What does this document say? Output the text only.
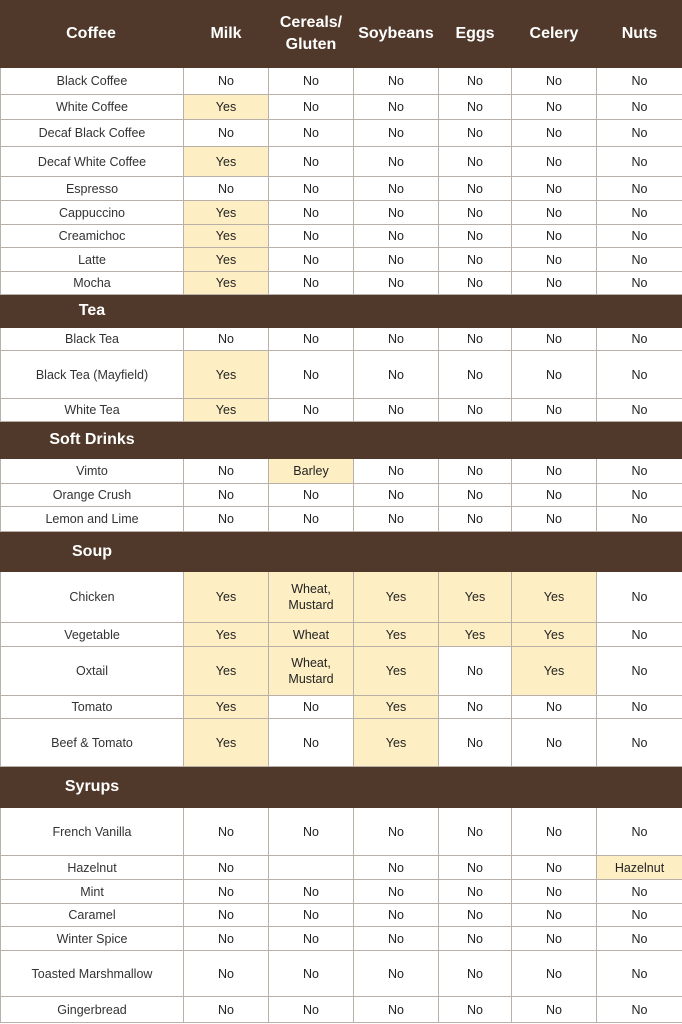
Coffee	Milk	Cereals/ Gluten	Soybeans	Eggs	Celery	Nuts
Black Coffee	No	No	No	No	No	No
White Coffee	Yes	No	No	No	No	No
Decaf Black Coffee	No	No	No	No	No	No
Decaf White Coffee	Yes	No	No	No	No	No
Espresso	No	No	No	No	No	No
Cappuccino	Yes	No	No	No	No	No
Creamichoc	Yes	No	No	No	No	No
Latte	Yes	No	No	No	No	No
Mocha	Yes	No	No	No	No	No
Tea						
Black Tea	No	No	No	No	No	No
Black Tea (Mayfield)	Yes	No	No	No	No	No
White Tea	Yes	No	No	No	No	No
Soft Drinks						
Vimto	No	Barley	No	No	No	No
Orange Crush	No	No	No	No	No	No
Lemon and Lime	No	No	No	No	No	No
Soup						
Chicken	Yes	Wheat, Mustard	Yes	Yes	Yes	No
Vegetable	Yes	Wheat	Yes	Yes	Yes	No
Oxtail	Yes	Wheat, Mustard	Yes	No	Yes	No
Tomato	Yes	No	Yes	No	No	No
Beef & Tomato	Yes	No	Yes	No	No	No
Syrups						
French Vanilla	No	No	No	No	No	No
Hazelnut	No		No	No	No	Hazelnut
Mint	No	No	No	No	No	No
Caramel	No	No	No	No	No	No
Winter Spice	No	No	No	No	No	No
Toasted Marshmallow	No	No	No	No	No	No
Gingerbread	No	No	No	No	No	No
